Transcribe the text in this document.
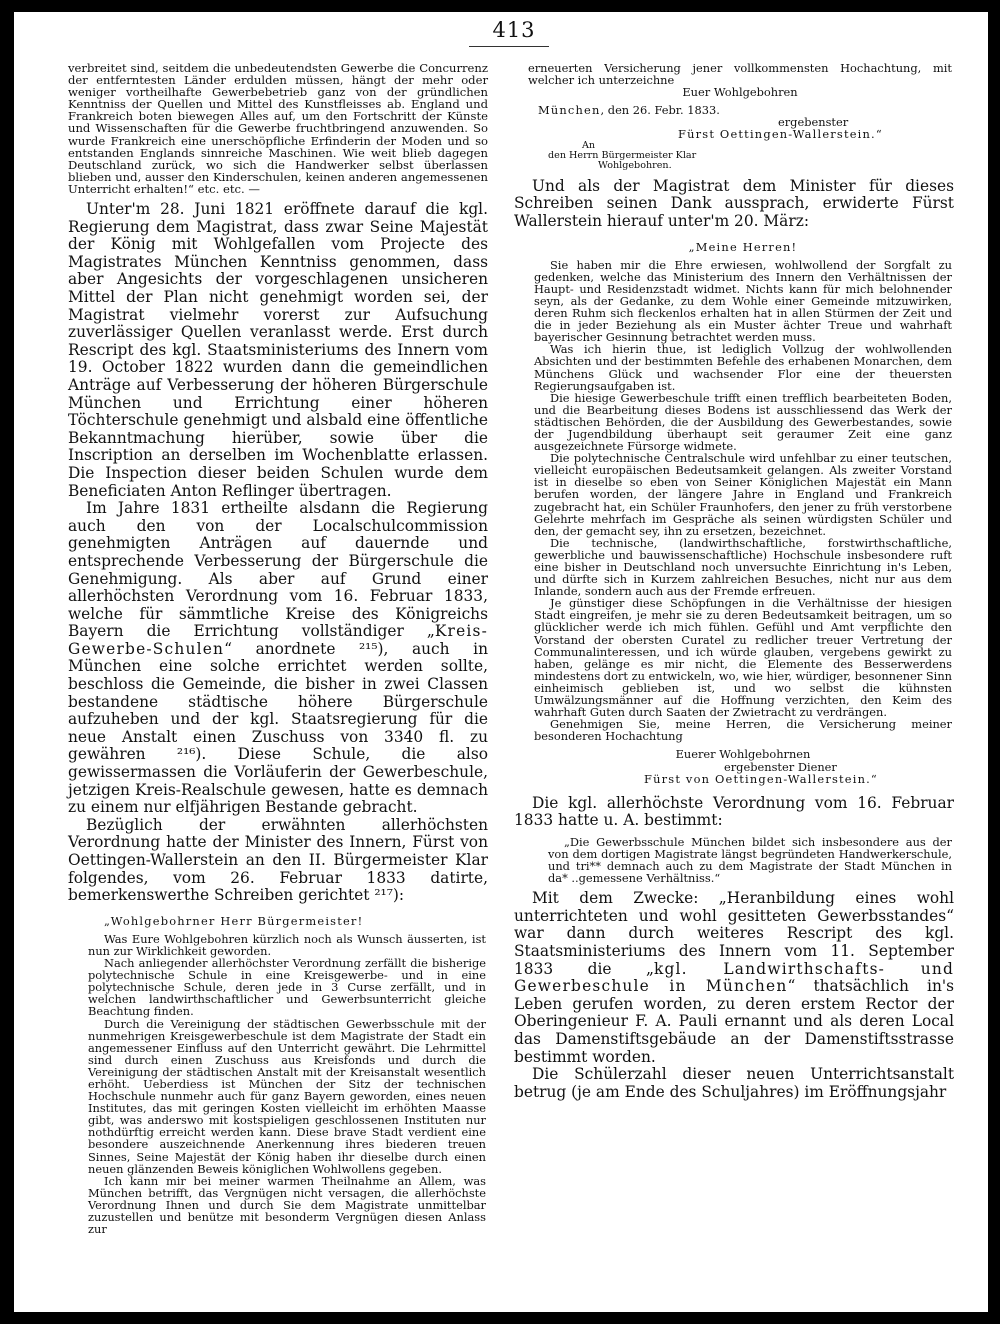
413

verbreitet sind, seitdem die unbedeutendsten Gewerbe die Concurrenz der entferntesten Länder erdulden müssen, hängt der mehr oder weniger vortheilhafte Gewerbebetrieb ganz von der gründlichen Kenntniss der Quellen und Mittel des Kunstfleisses ab. England und Frankreich boten biewegen Alles auf, um den Fortschritt der Künste und Wissenschaften für die Gewerbe fruchtbringend anzuwenden. So wurde Frankreich eine unerschöpfliche Erfinderin der Moden und so entstanden Englands sinnreiche Maschinen. Wie weit blieb dagegen Deutschland zurück, wo sich die Handwerker selbst überlassen blieben und, ausser den Kinderschulen, keinen anderen angemessenen Unterricht erhalten!“ etc. etc. —

Unter'm 28. Juni 1821 eröffnete darauf die kgl. Regierung dem Magistrat, dass zwar Seine Majestät der König mit Wohlgefallen vom Projecte des Magistrates München Kenntniss genommen, dass aber Angesichts der vorgeschlagenen unsicheren Mittel der Plan nicht genehmigt worden sei, der Magistrat vielmehr vorerst zur Aufsuchung zuverlässiger Quellen veranlasst werde. Erst durch Rescript des kgl. Staatsministeriums des Innern vom 19. October 1822 wurden dann die gemeindlichen Anträge auf Verbesserung der höheren Bürgerschule München und Errichtung einer höheren Töchterschule genehmigt und alsbald eine öffentliche Bekanntmachung hierüber, sowie über die Inscription an derselben im Wochenblatte erlassen. Die Inspection dieser beiden Schulen wurde dem Beneficiaten Anton Reflinger übertragen.

Im Jahre 1831 ertheilte alsdann die Regierung auch den von der Localschulcommission genehmigten Anträgen auf dauernde und entsprechende Verbesserung der Bürgerschule die Genehmigung. Als aber auf Grund einer allerhöchsten Verordnung vom 16. Februar 1833, welche für sämmtliche Kreise des Königreichs Bayern die Errichtung vollständiger „Kreis-Gewerbe-Schulen“ anordnete ²¹⁵), auch in München eine solche errichtet werden sollte, beschloss die Gemeinde, die bisher in zwei Classen bestandene städtische höhere Bürgerschule aufzuheben und der kgl. Staatsregierung für die neue Anstalt einen Zuschuss von 3340 fl. zu gewähren ²¹⁶). Diese Schule, die also gewissermassen die Vorläuferin der Gewerbeschule, jetzigen Kreis-Realschule gewesen, hatte es demnach zu einem nur elfjährigen Bestande gebracht.

Bezüglich der erwähnten allerhöchsten Verordnung hatte der Minister des Innern, Fürst von Oettingen-Wallerstein an den II. Bürgermeister Klar folgendes, vom 26. Februar 1833 datirte, bemerkenswerthe Schreiben gerichtet ²¹⁷):

„Wohlgebohrner Herr Bürgermeister!

Was Eure Wohlgebohren kürzlich noch als Wunsch äusserten, ist nun zur Wirklichkeit geworden.

Nach anliegender allerhöchster Verordnung zerfällt die bisherige polytechnische Schule in eine Kreisgewerbe- und in eine polytechnische Schule, deren jede in 3 Curse zerfällt, und in welchen landwirthschaftlicher und Gewerbsunterricht gleiche Beachtung finden.

Durch die Vereinigung der städtischen Gewerbsschule mit der nunmehrigen Kreisgewerbeschule ist dem Magistrate der Stadt ein angemessener Einfluss auf den Unterricht gewährt. Die Lehrmittel sind durch einen Zuschuss aus Kreisfonds und durch die Vereinigung der städtischen Anstalt mit der Kreisanstalt wesentlich erhöht. Ueberdiess ist München der Sitz der technischen Hochschule nunmehr auch für ganz Bayern geworden, eines neuen Institutes, das mit geringen Kosten vielleicht im erhöhten Maasse gibt, was anderswo mit kostspieligen geschlossenen Instituten nur nothdürftig erreicht werden kann. Diese brave Stadt verdient eine besondere auszeichnende Anerkennung ihres biederen treuen Sinnes, Seine Majestät der König haben ihr dieselbe durch einen neuen glänzenden Beweis königlichen Wohlwollens gegeben.

Ich kann mir bei meiner warmen Theilnahme an Allem, was München betrifft, das Vergnügen nicht versagen, die allerhöchste Verordnung Ihnen und durch Sie dem Magistrate unmittelbar zuzustellen und benütze mit besonderm Vergnügen diesen Anlass zur

erneuerten Versicherung jener vollkommensten Hochachtung, mit welcher ich unterzeichne

Euer Wohlgebohren

München, den 26. Febr. 1833.

ergebenster

Fürst Oettingen-Wallerstein.“

An

den Herrn Bürgermeister Klar

Wohlgebohren.

Und als der Magistrat dem Minister für dieses Schreiben seinen Dank aussprach, erwiderte Fürst Wallerstein hierauf unter'm 20. März:

„Meine Herren!

Sie haben mir die Ehre erwiesen, wohlwollend der Sorgfalt zu gedenken, welche das Ministerium des Innern den Verhältnissen der Haupt- und Residenzstadt widmet. Nichts kann für mich belohnender seyn, als der Gedanke, zu dem Wohle einer Gemeinde mitzuwirken, deren Ruhm sich fleckenlos erhalten hat in allen Stürmen der Zeit und die in jeder Beziehung als ein Muster ächter Treue und wahrhaft bayerischer Gesinnung betrachtet werden muss.

Was ich hierin thue, ist lediglich Vollzug der wohlwollenden Absichten und der bestimmten Befehle des erhabenen Monarchen, dem Münchens Glück und wachsender Flor eine der theuersten Regierungsaufgaben ist.

Die hiesige Gewerbeschule trifft einen trefflich bearbeiteten Boden, und die Bearbeitung dieses Bodens ist ausschliessend das Werk der städtischen Behörden, die der Ausbildung des Gewerbestandes, sowie der Jugendbildung überhaupt seit geraumer Zeit eine ganz ausgezeichnete Fürsorge widmete.

Die polytechnische Centralschule wird unfehlbar zu einer teutschen, vielleicht europäischen Bedeutsamkeit gelangen. Als zweiter Vorstand ist in dieselbe so eben von Seiner Königlichen Majestät ein Mann berufen worden, der längere Jahre in England und Frankreich zugebracht hat, ein Schüler Fraunhofers, den jener zu früh verstorbene Gelehrte mehrfach im Gespräche als seinen würdigsten Schüler und den, der gemacht sey, ihn zu ersetzen, bezeichnet.

Die technische, (landwirthschaftliche, forstwirthschaftliche, gewerbliche und bauwissenschaftliche) Hochschule insbesondere ruft eine bisher in Deutschland noch unversuchte Einrichtung in's Leben, und dürfte sich in Kurzem zahlreichen Besuches, nicht nur aus dem Inlande, sondern auch aus der Fremde erfreuen.

Je günstiger diese Schöpfungen in die Verhältnisse der hiesigen Stadt eingreifen, je mehr sie zu deren Bedeutsamkeit beitragen, um so glücklicher werde ich mich fühlen. Gefühl und Amt verpflichte den Vorstand der obersten Curatel zu redlicher treuer Vertretung der Communalinteressen, und ich würde glauben, vergebens gewirkt zu haben, gelänge es mir nicht, die Elemente des Besserwerdens mindestens dort zu entwickeln, wo, wie hier, würdiger, besonnener Sinn einheimisch geblieben ist, und wo selbst die kühnsten Umwälzungsmänner auf die Hoffnung verzichten, den Keim des wahrhaft Guten durch Saaten der Zwietracht zu verdrängen.

Genehmigen Sie, meine Herren, die Versicherung meiner besonderen Hochachtung

Euerer Wohlgebohrnen

ergebenster Diener

Fürst von Oettingen-Wallerstein.“

Die kgl. allerhöchste Verordnung vom 16. Februar 1833 hatte u. A. bestimmt:

„Die Gewerbsschule München bildet sich insbesondere aus der von dem dortigen Magistrate längst begründeten Handwerkerschule, und tri** demnach auch zu dem Magistrate der Stadt München in da* ..gemessene Verhältniss.“

Mit dem Zwecke: „Heranbildung eines wohl unterrichteten und wohl gesitteten Gewerbsstandes“ war dann durch weiteres Rescript des kgl. Staatsministeriums des Innern vom 11. September 1833 die „kgl. Landwirthschafts- und Gewerbeschule in München“ thatsächlich in's Leben gerufen worden, zu deren erstem Rector der Oberingenieur F. A. Pauli ernannt und als deren Local das Damenstiftsgebäude an der Damenstiftsstrasse bestimmt worden.

Die Schülerzahl dieser neuen Unterrichtsanstalt betrug (je am Ende des Schuljahres) im Eröffnungsjahr
